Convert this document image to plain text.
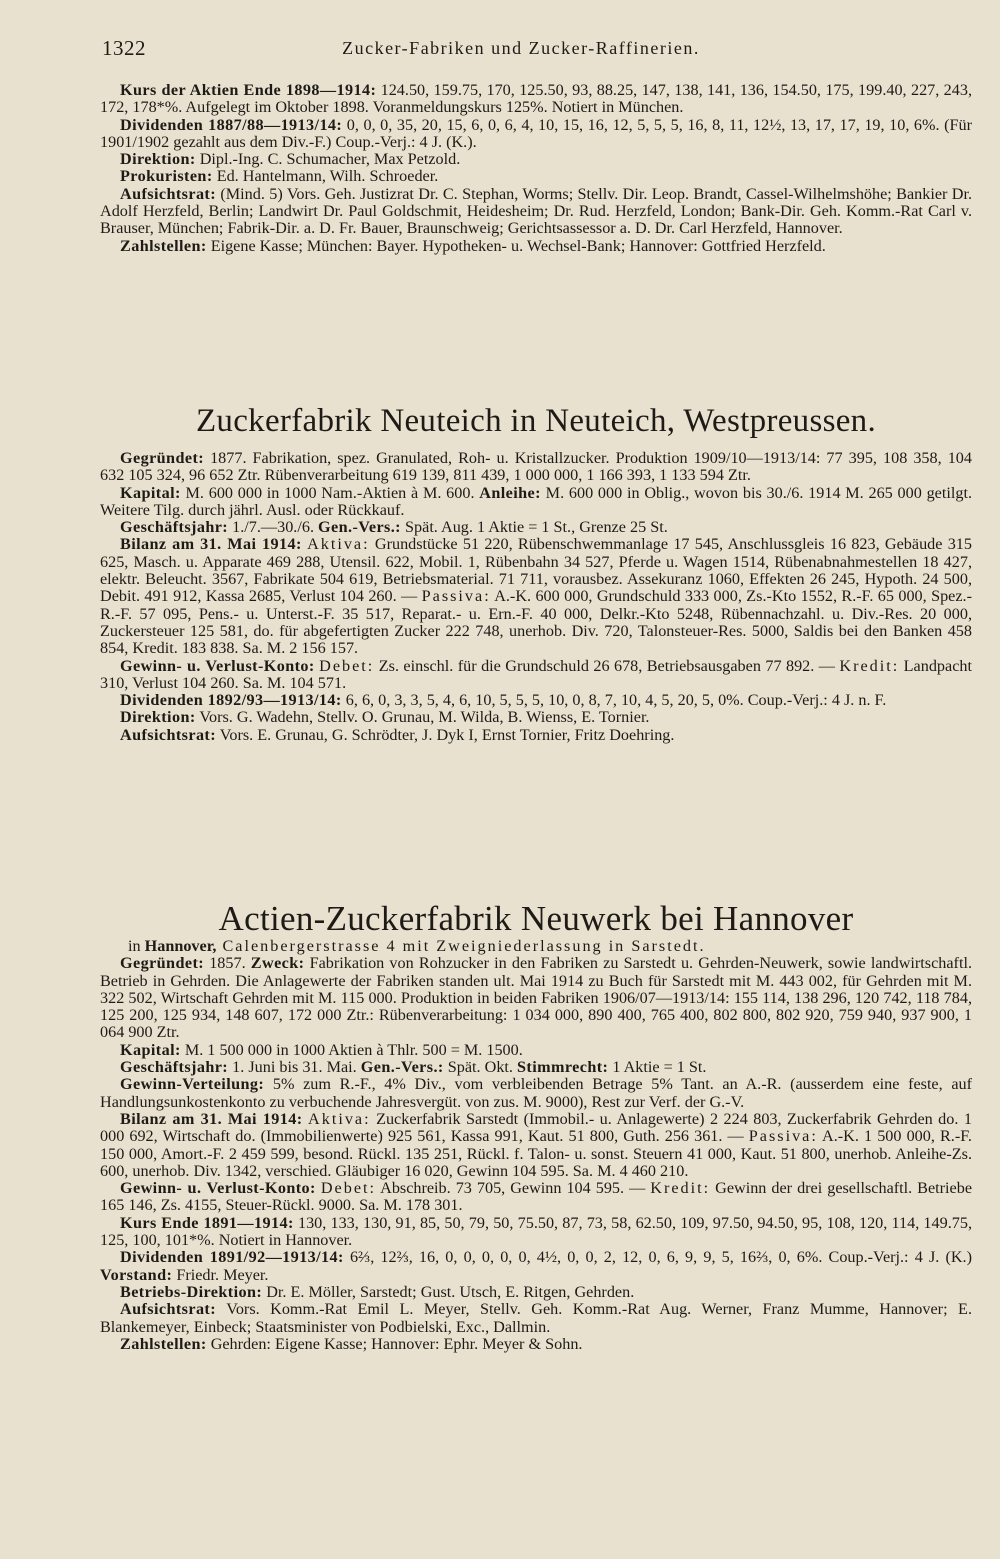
1322	Zucker-Fabriken und Zucker-Raffinerien.

Kurs der Aktien Ende 1898—1914: 124.50, 159.75, 170, 125.50, 93, 88.25, 147, 138, 141, 136, 154.50, 175, 199.40, 227, 243, 172, 178*%. Aufgelegt im Oktober 1898. Voranmeldungskurs 125%. Notiert in München.

Dividenden 1887/88—1913/14: 0, 0, 0, 35, 20, 15, 6, 0, 6, 4, 10, 15, 16, 12, 5, 5, 5, 16, 8, 11, 12½, 13, 17, 17, 19, 10, 6%. (Für 1901/1902 gezahlt aus dem Div.-F.) Coup.-Verj.: 4 J. (K.).

Direktion: Dipl.-Ing. C. Schumacher, Max Petzold.

Prokuristen: Ed. Hantelmann, Wilh. Schroeder.

Aufsichtsrat: (Mind. 5) Vors. Geh. Justizrat Dr. C. Stephan, Worms; Stellv. Dir. Leop. Brandt, Cassel-Wilhelmshöhe; Bankier Dr. Adolf Herzfeld, Berlin; Landwirt Dr. Paul Goldschmit, Heidesheim; Dr. Rud. Herzfeld, London; Bank-Dir. Geh. Komm.-Rat Carl v. Brauser, München; Fabrik-Dir. a. D. Fr. Bauer, Braunschweig; Gerichtsassessor a. D. Dr. Carl Herzfeld, Hannover.

Zahlstellen: Eigene Kasse; München: Bayer. Hypotheken- u. Wechsel-Bank; Hannover: Gottfried Herzfeld.

Zuckerfabrik Neuteich in Neuteich, Westpreussen.

Gegründet: 1877. Fabrikation, spez. Granulated, Roh- u. Kristallzucker. Produktion 1909/10—1913/14: 77 395, 108 358, 104 632 105 324, 96 652 Ztr. Rübenverarbeitung 619 139, 811 439, 1 000 000, 1 166 393, 1 133 594 Ztr.

Kapital: M. 600 000 in 1000 Nam.-Aktien à M. 600. Anleihe: M. 600 000 in Oblig., wovon bis 30./6. 1914 M. 265 000 getilgt. Weitere Tilg. durch jährl. Ausl. oder Rückkauf.

Geschäftsjahr: 1./7.—30./6. Gen.-Vers.: Spät. Aug. 1 Aktie = 1 St., Grenze 25 St.

Bilanz am 31. Mai 1914: Aktiva: Grundstücke 51 220, Rübenschwemmanlage 17 545, Anschlussgleis 16 823, Gebäude 315 625, Masch. u. Apparate 469 288, Utensil. 622, Mobil. 1, Rübenbahn 34 527, Pferde u. Wagen 1514, Rübenabnahmestellen 18 427, elektr. Beleucht. 3567, Fabrikate 504 619, Betriebsmaterial. 71 711, vorausbez. Assekuranz 1060, Effekten 26 245, Hypoth. 24 500, Debit. 491 912, Kassa 2685, Verlust 104 260. — Passiva: A.-K. 600 000, Grundschuld 333 000, Zs.-Kto 1552, R.-F. 65 000, Spez.-R.-F. 57 095, Pens.- u. Unterst.-F. 35 517, Reparat.- u. Ern.-F. 40 000, Delkr.-Kto 5248, Rübennachzahl. u. Div.-Res. 20 000, Zuckersteuer 125 581, do. für abgefertigten Zucker 222 748, unerhob. Div. 720, Talonsteuer-Res. 5000, Saldis bei den Banken 458 854, Kredit. 183 838. Sa. M. 2 156 157.

Gewinn- u. Verlust-Konto: Debet: Zs. einschl. für die Grundschuld 26 678, Betriebsausgaben 77 892. — Kredit: Landpacht 310, Verlust 104 260. Sa. M. 104 571.

Dividenden 1892/93—1913/14: 6, 6, 0, 3, 3, 5, 4, 6, 10, 5, 5, 5, 10, 0, 8, 7, 10, 4, 5, 20, 5, 0%. Coup.-Verj.: 4 J. n. F.

Direktion: Vors. G. Wadehn, Stellv. O. Grunau, M. Wilda, B. Wienss, E. Tornier.

Aufsichtsrat: Vors. E. Grunau, G. Schrödter, J. Dyk I, Ernst Tornier, Fritz Doehring.

Actien-Zuckerfabrik Neuwerk bei Hannover

in Hannover, Calenbergerstrasse 4 mit Zweigniederlassung in Sarstedt.

Gegründet: 1857. Zweck: Fabrikation von Rohzucker in den Fabriken zu Sarstedt u. Gehrden-Neuwerk, sowie landwirtschaftl. Betrieb in Gehrden. Die Anlagewerte der Fabriken standen ult. Mai 1914 zu Buch für Sarstedt mit M. 443 002, für Gehrden mit M. 322 502, Wirtschaft Gehrden mit M. 115 000. Produktion in beiden Fabriken 1906/07—1913/14: 155 114, 138 296, 120 742, 118 784, 125 200, 125 934, 148 607, 172 000 Ztr.: Rübenverarbeitung: 1 034 000, 890 400, 765 400, 802 800, 802 920, 759 940, 937 900, 1 064 900 Ztr.

Kapital: M. 1 500 000 in 1000 Aktien à Thlr. 500 = M. 1500.

Geschäftsjahr: 1. Juni bis 31. Mai. Gen.-Vers.: Spät. Okt. Stimmrecht: 1 Aktie = 1 St.

Gewinn-Verteilung: 5% zum R.-F., 4% Div., vom verbleibenden Betrage 5% Tant. an A.-R. (ausserdem eine feste, auf Handlungsunkostenkonto zu verbuchende Jahresvergüt. von zus. M. 9000), Rest zur Verf. der G.-V.

Bilanz am 31. Mai 1914: Aktiva: Zuckerfabrik Sarstedt (Immobil.- u. Anlagewerte) 2 224 803, Zuckerfabrik Gehrden do. 1 000 692, Wirtschaft do. (Immobilienwerte) 925 561, Kassa 991, Kaut. 51 800, Guth. 256 361. — Passiva: A.-K. 1 500 000, R.-F. 150 000, Amort.-F. 2 459 599, besond. Rückl. 135 251, Rückl. f. Talon- u. sonst. Steuern 41 000, Kaut. 51 800, unerhob. Anleihe-Zs. 600, unerhob. Div. 1342, verschied. Gläubiger 16 020, Gewinn 104 595. Sa. M. 4 460 210.

Gewinn- u. Verlust-Konto: Debet: Abschreib. 73 705, Gewinn 104 595. — Kredit: Gewinn der drei gesellschaftl. Betriebe 165 146, Zs. 4155, Steuer-Rückl. 9000. Sa. M. 178 301.

Kurs Ende 1891—1914: 130, 133, 130, 91, 85, 50, 79, 50, 75.50, 87, 73, 58, 62.50, 109, 97.50, 94.50, 95, 108, 120, 114, 149.75, 125, 100, 101*%. Notiert in Hannover.

Dividenden 1891/92—1913/14: 6⅔, 12⅔, 16, 0, 0, 0, 0, 0, 4½, 0, 0, 2, 12, 0, 6, 9, 9, 5, 16⅔, 0, 6%. Coup.-Verj.: 4 J. (K.) Vorstand: Friedr. Meyer.

Betriebs-Direktion: Dr. E. Möller, Sarstedt; Gust. Utsch, E. Ritgen, Gehrden.

Aufsichtsrat: Vors. Komm.-Rat Emil L. Meyer, Stellv. Geh. Komm.-Rat Aug. Werner, Franz Mumme, Hannover; E. Blankemeyer, Einbeck; Staatsminister von Podbielski, Exc., Dallmin.

Zahlstellen: Gehrden: Eigene Kasse; Hannover: Ephr. Meyer & Sohn.
